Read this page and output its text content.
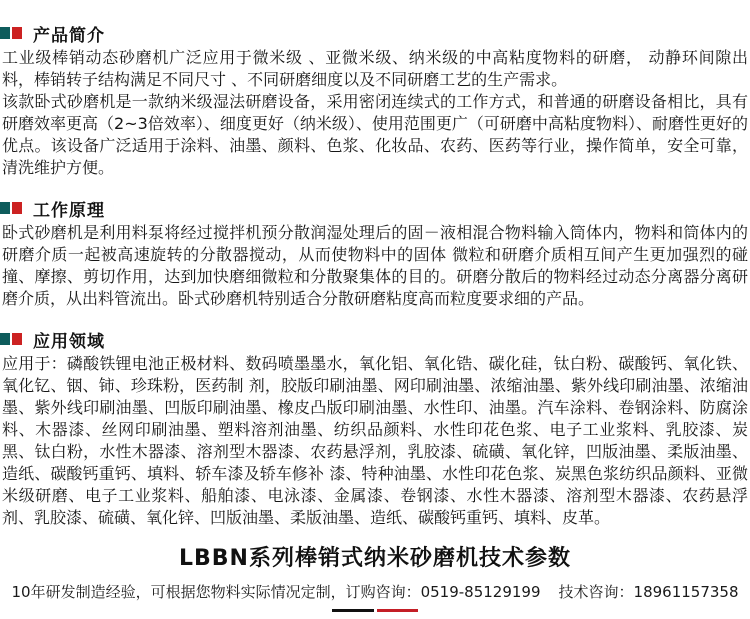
产品简介

工业级棒销动态砂磨机广泛应用于微米级 、亚微米级、纳米级的中高粘度物料的研磨， 动静环间隙出料，棒销转子结构满足不同尺寸 、不同研磨细度以及不同研磨工艺的生产需求。

该款卧式砂磨机是一款纳米级湿法研磨设备，采用密闭连续式的工作方式，和普通的研磨设备相比，具有研磨效率更高（2~3倍效率）、细度更好（纳米级）、使用范围更广（可研磨中高粘度物料）、耐磨性更好的优点。该设备广泛适用于涂料、油墨、颜料、色浆、化妆品、农药、医药等行业，操作简单，安全可靠，清洗维护方便。

工作原理

卧式砂磨机是利用料泵将经过搅拌机预分散润湿处理后的固－液相混合物料输入筒体内，物料和筒体内的研磨介质一起被高速旋转的分散器搅动，从而使物料中的固体 微粒和研磨介质相互间产生更加强烈的碰撞、摩擦、剪切作用，达到加快磨细微粒和分散聚集体的目的。研磨分散后的物料经过动态分离器分离研磨介质，从出料管流出。卧式砂磨机特别适合分散研磨粘度高而粒度要求细的产品。

应用领域

应用于：磷酸铁锂电池正极材料、数码喷墨墨水，氧化铝、氧化锆、碳化硅，钛白粉、碳酸钙、氧化铁、氧化钇、铟、铈、珍珠粉，医药制 剂，胶版印刷油墨、网印刷油墨、浓缩油墨、紫外线印刷油墨、浓缩油墨、紫外线印刷油墨、凹版印刷油墨、橡皮凸版印刷油墨、水性印、油墨。汽车涂料、卷钢涂料、防腐涂料、木器漆、丝网印刷油墨、塑料溶剂油墨、纺织品颜料、水性印花色浆、电子工业浆料、乳胶漆、炭黑、钛白粉，水性木器漆、溶剂型木器漆、农药悬浮剂，乳胶漆、硫磺、氧化锌，凹版油墨、柔版油墨、造纸、碳酸钙重钙、填料、轿车漆及轿车修补 漆、特种油墨、水性印花色浆、炭黑色浆纺织品颜料、亚微米级研磨、电子工业浆料、船舶漆、电泳漆、金属漆、卷钢漆、水性木器漆、溶剂型木器漆、农药悬浮剂、乳胶漆、硫磺、氧化锌、凹版油墨、柔版油墨、造纸、碳酸钙重钙、填料、皮革。

LBBN系列棒销式纳米砂磨机技术参数
10年研发制造经验，可根据您物料实际情况定制，订购咨询：0519-85129199 技术咨询：18961157358
